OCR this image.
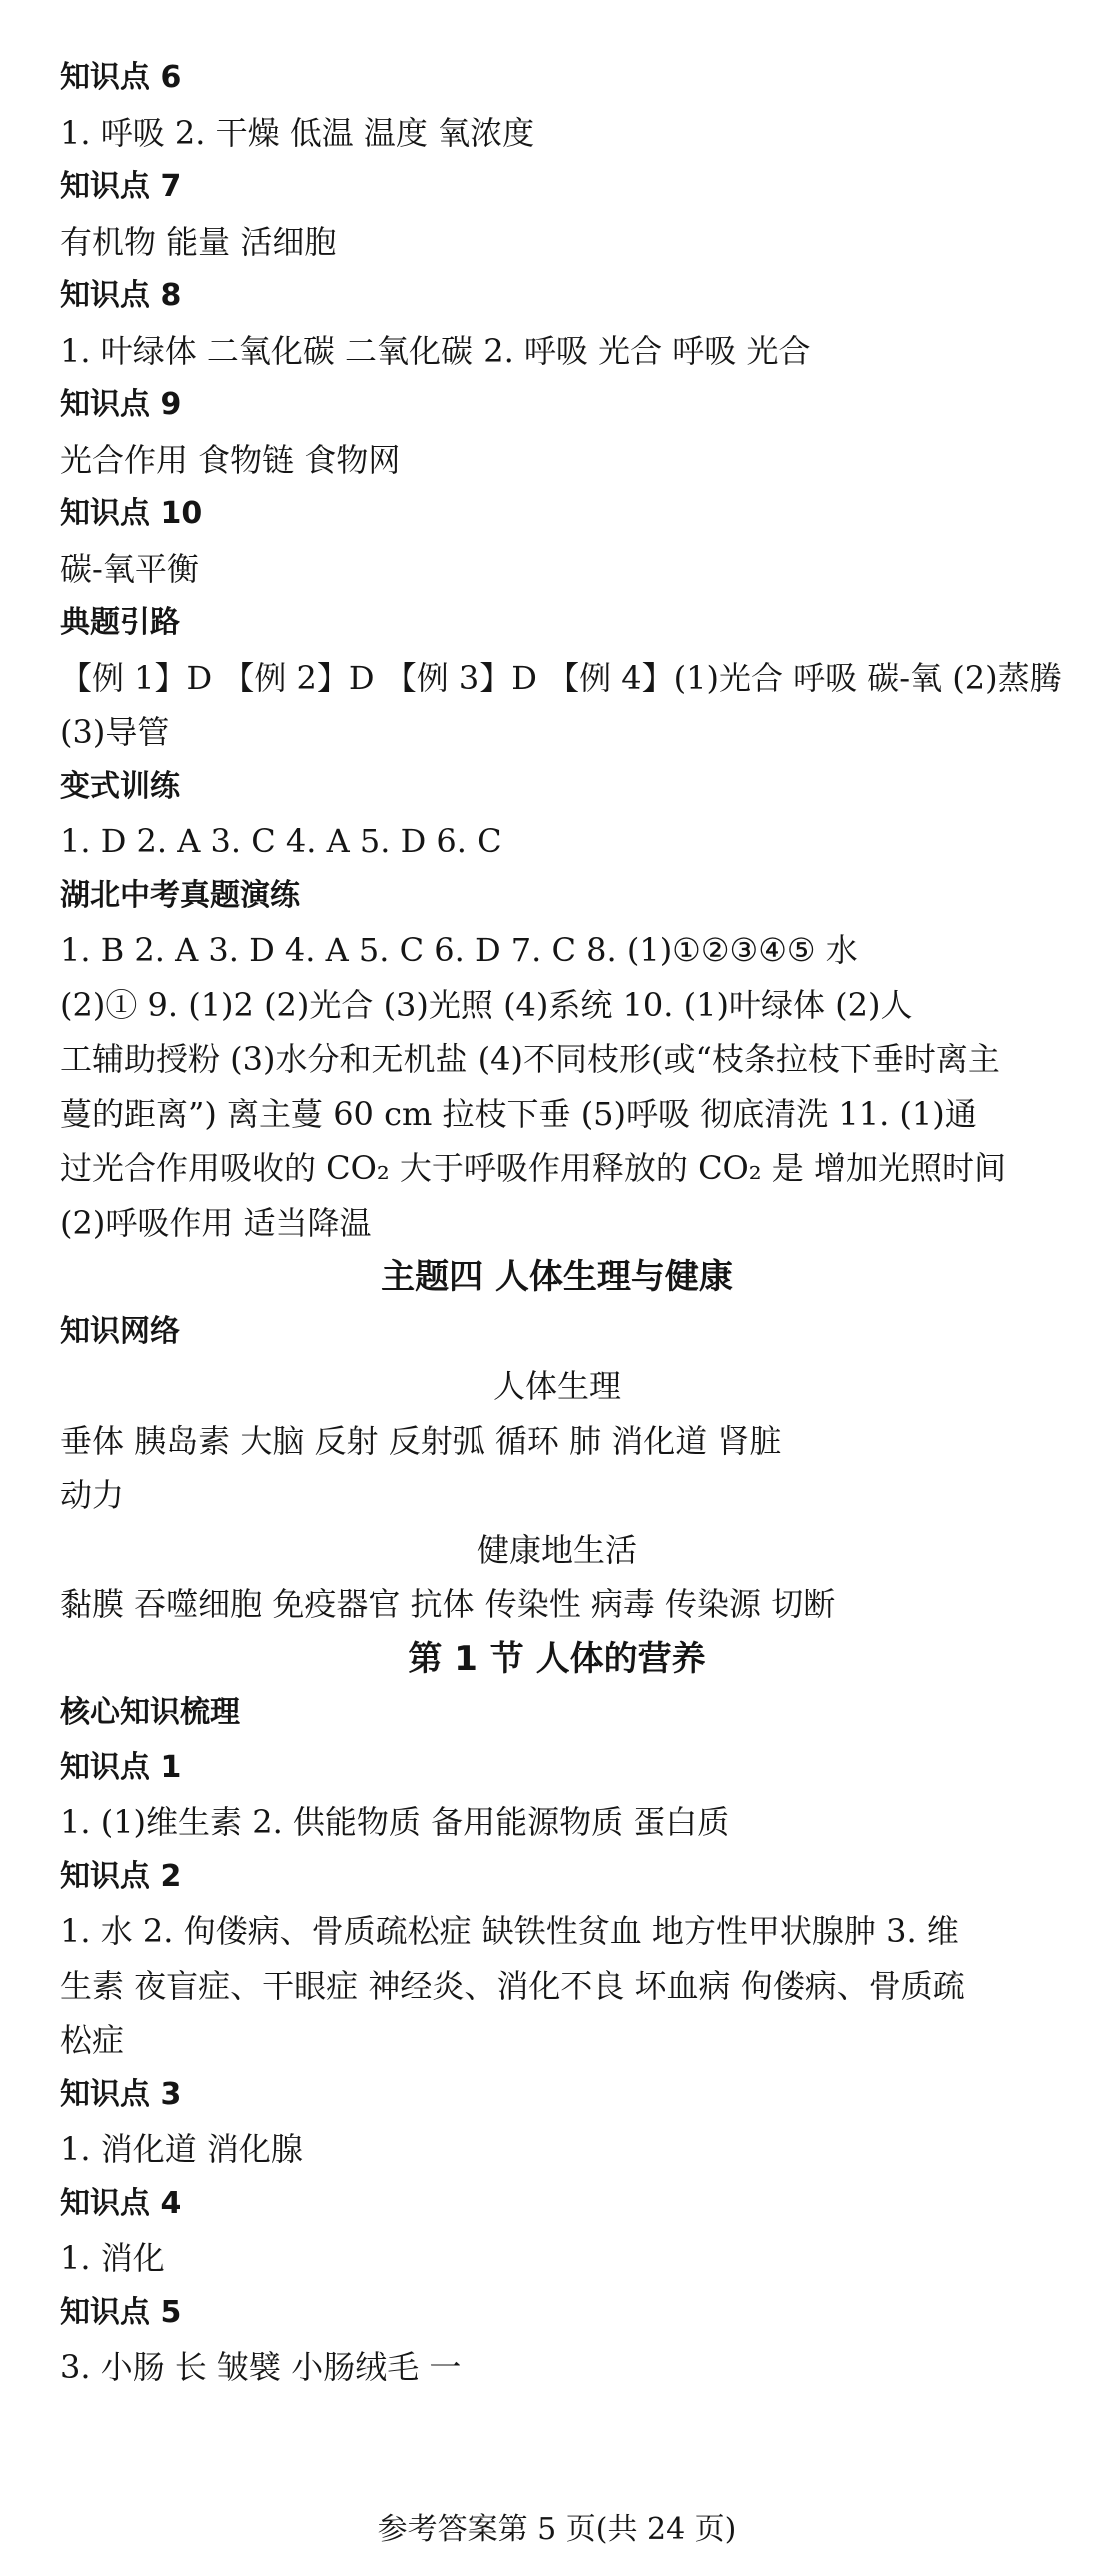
知识点 6
1. 呼吸 2. 干燥 低温 温度 氧浓度
知识点 7
有机物 能量 活细胞
知识点 8
1. 叶绿体 二氧化碳 二氧化碳 2. 呼吸 光合 呼吸 光合
知识点 9
光合作用 食物链 食物网
知识点 10
碳-氧平衡
典题引路
【例 1】D 【例 2】D 【例 3】D 【例 4】(1)光合 呼吸 碳-氧 (2)蒸腾
(3)导管
变式训练
1. D 2. A 3. C 4. A 5. D 6. C
湖北中考真题演练
1. B 2. A 3. D 4. A 5. C 6. D 7. C 8. (1)①②③④⑤ 水
(2)① 9. (1)2 (2)光合 (3)光照 (4)系统 10. (1)叶绿体 (2)人
工辅助授粉 (3)水分和无机盐 (4)不同枝形(或“枝条拉枝下垂时离主
蔓的距离”) 离主蔓 60 cm 拉枝下垂 (5)呼吸 彻底清洗 11. (1)通
过光合作用吸收的 CO₂ 大于呼吸作用释放的 CO₂ 是 增加光照时间
(2)呼吸作用 适当降温
主题四 人体生理与健康
知识网络
人体生理
垂体 胰岛素 大脑 反射 反射弧 循环 肺 消化道 肾脏
动力
健康地生活
黏膜 吞噬细胞 免疫器官 抗体 传染性 病毒 传染源 切断
第 1 节 人体的营养
核心知识梳理
知识点 1
1. (1)维生素 2. 供能物质 备用能源物质 蛋白质
知识点 2
1. 水 2. 佝偻病、骨质疏松症 缺铁性贫血 地方性甲状腺肿 3. 维
生素 夜盲症、干眼症 神经炎、消化不良 坏血病 佝偻病、骨质疏
松症
知识点 3
1. 消化道 消化腺
知识点 4
1. 消化
知识点 5
3. 小肠 长 皱襞 小肠绒毛 一
参考答案第 5 页(共 24 页)
